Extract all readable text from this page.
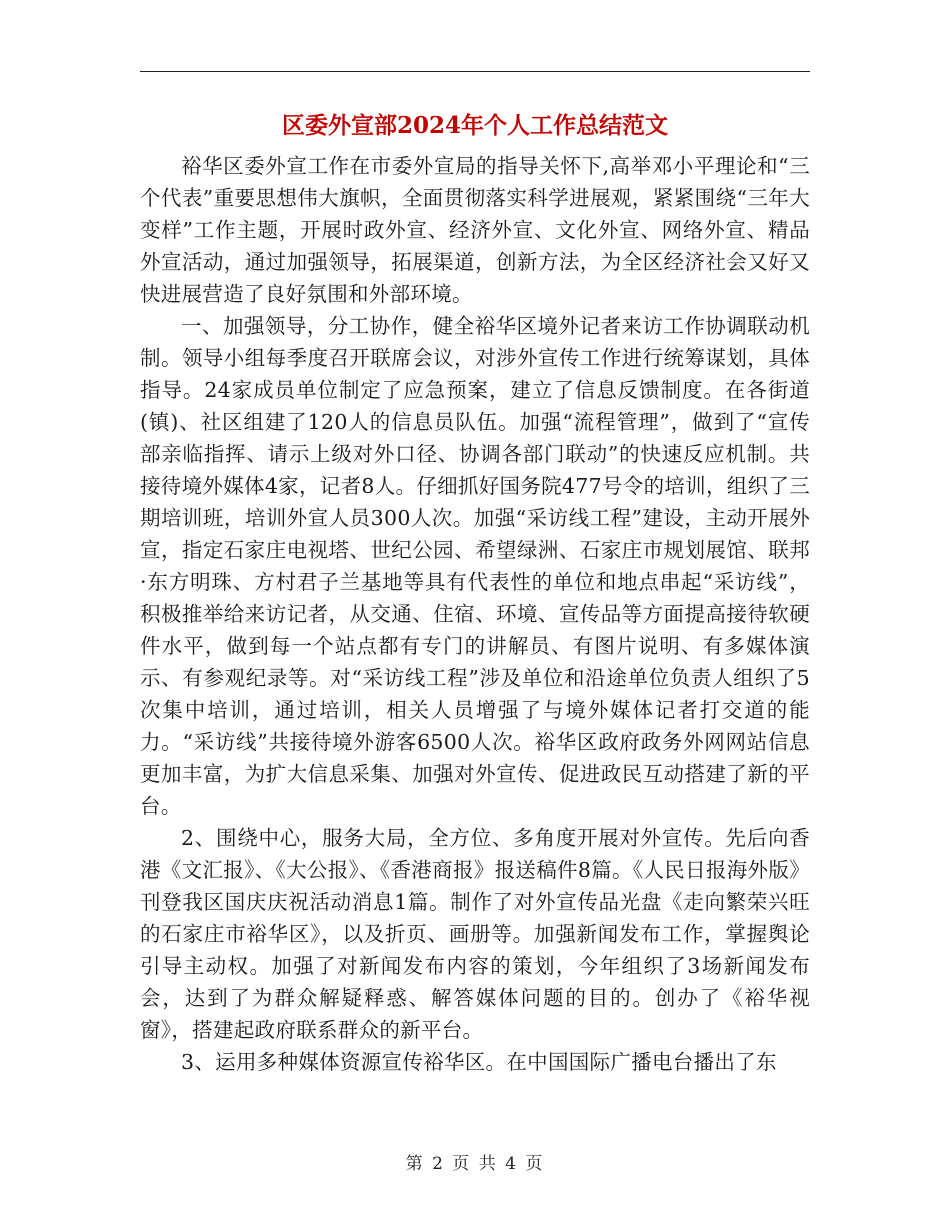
区委外宣部2024年个人工作总结范文

裕华区委外宣工作在市委外宣局的指导关怀下,高举邓小平理论和“三个代表”重要思想伟大旗帜，全面贯彻落实科学进展观，紧紧围绕“三年大变样”工作主题，开展时政外宣、经济外宣、文化外宣、网络外宣、精品外宣活动，通过加强领导，拓展渠道，创新方法，为全区经济社会又好又快进展营造了良好氛围和外部环境。

一、加强领导，分工协作，健全裕华区境外记者来访工作协调联动机制。领导小组每季度召开联席会议，对涉外宣传工作进行统筹谋划，具体指导。24家成员单位制定了应急预案，建立了信息反馈制度。在各街道(镇)、社区组建了120人的信息员队伍。加强“流程管理”，做到了“宣传部亲临指挥、请示上级对外口径、协调各部门联动”的快速反应机制。共接待境外媒体4家，记者8人。仔细抓好国务院477号令的培训，组织了三期培训班，培训外宣人员300人次。加强“采访线工程”建设，主动开展外宣，指定石家庄电视塔、世纪公园、希望绿洲、石家庄市规划展馆、联邦·东方明珠、方村君子兰基地等具有代表性的单位和地点串起“采访线”，积极推举给来访记者，从交通、住宿、环境、宣传品等方面提高接待软硬件水平，做到每一个站点都有专门的讲解员、有图片说明、有多媒体演示、有参观纪录等。对“采访线工程”涉及单位和沿途单位负责人组织了5次集中培训，通过培训，相关人员增强了与境外媒体记者打交道的能力。“采访线”共接待境外游客6500人次。裕华区政府政务外网网站信息更加丰富，为扩大信息采集、加强对外宣传、促进政民互动搭建了新的平台。

2、围绕中心，服务大局，全方位、多角度开展对外宣传。先后向香港《文汇报》、《大公报》、《香港商报》报送稿件8篇。《人民日报海外版》刊登我区国庆庆祝活动消息1篇。制作了对外宣传品光盘《走向繁荣兴旺的石家庄市裕华区》，以及折页、画册等。加强新闻发布工作，掌握舆论引导主动权。加强了对新闻发布内容的策划，今年组织了3场新闻发布会，达到了为群众解疑释惑、解答媒体问题的目的。创办了《裕华视窗》，搭建起政府联系群众的新平台。

3、运用多种媒体资源宣传裕华区。在中国国际广播电台播出了东

第 2 页 共 4 页
